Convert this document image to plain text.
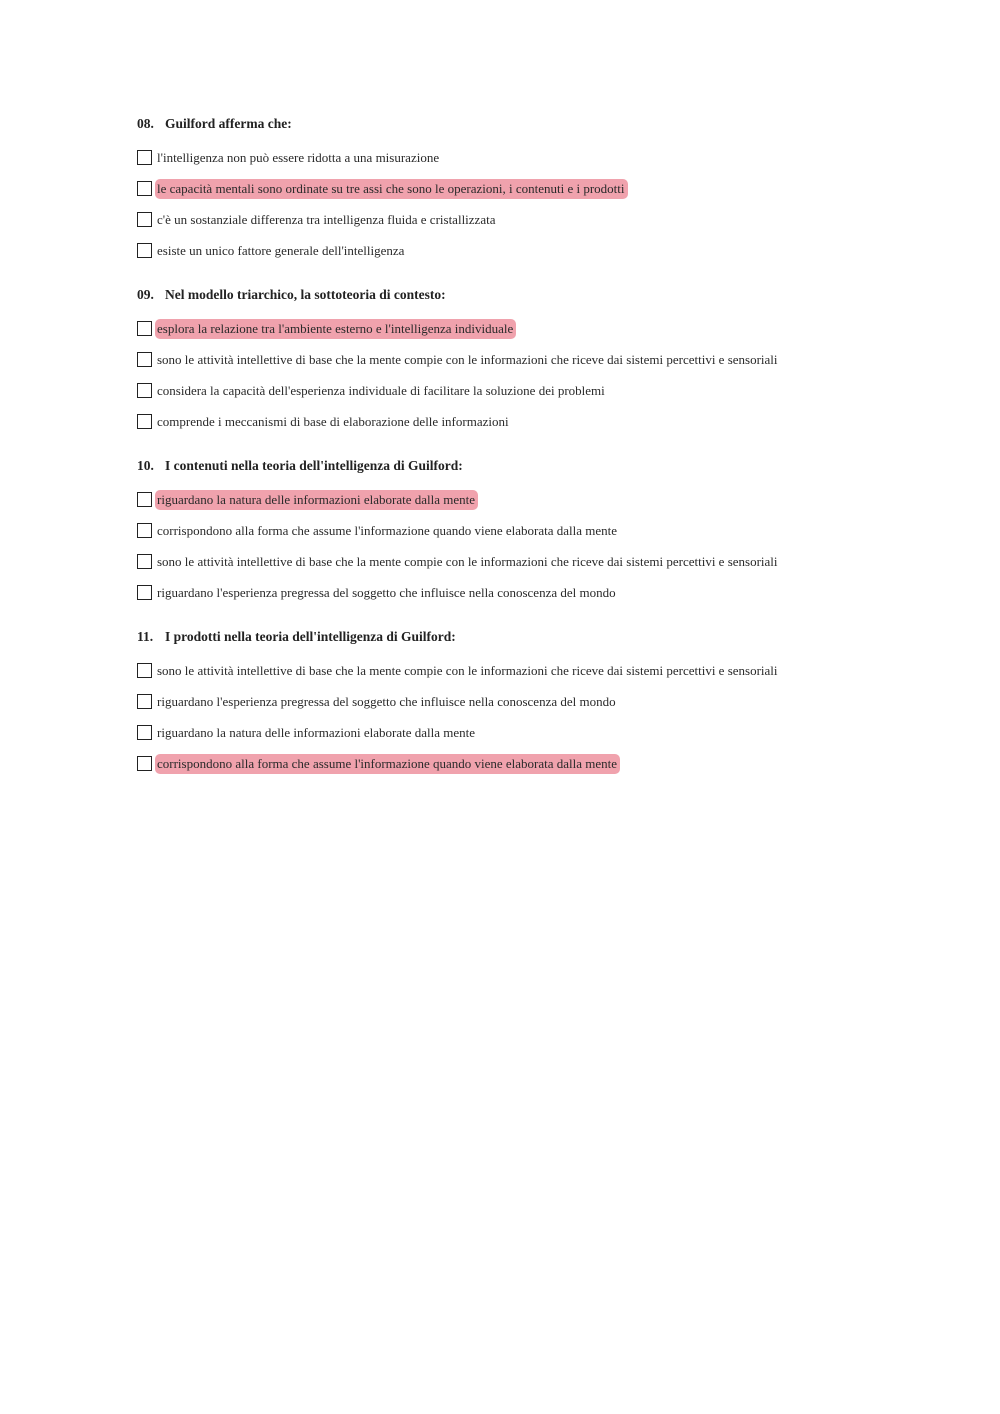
08. Guilford afferma che:
l'intelligenza non può essere ridotta a una misurazione
le capacità mentali sono ordinate su tre assi che sono le operazioni, i contenuti e i prodotti
c'è un sostanziale differenza tra intelligenza fluida e cristallizzata
esiste un unico fattore generale dell'intelligenza
09. Nel modello triarchico, la sottoteoria di contesto:
esplora la relazione tra l'ambiente esterno e l'intelligenza individuale
sono le attività intellettive di base che la mente compie con le informazioni che riceve dai sistemi percettivi e sensoriali
considera la capacità dell'esperienza individuale di facilitare la soluzione dei problemi
comprende i meccanismi di base di elaborazione delle informazioni
10. I contenuti nella teoria dell'intelligenza di Guilford:
riguardano la natura delle informazioni elaborate dalla mente
corrispondono alla forma che assume l'informazione quando viene elaborata dalla mente
sono le attività intellettive di base che la mente compie con le informazioni che riceve dai sistemi percettivi e sensoriali
riguardano l'esperienza pregressa del soggetto che influisce nella conoscenza del mondo
11. I prodotti nella teoria dell'intelligenza di Guilford:
sono le attività intellettive di base che la mente compie con le informazioni che riceve dai sistemi percettivi e sensoriali
riguardano l'esperienza pregressa del soggetto che influisce nella conoscenza del mondo
riguardano la natura delle informazioni elaborate dalla mente
corrispondono alla forma che assume l'informazione quando viene elaborata dalla mente
